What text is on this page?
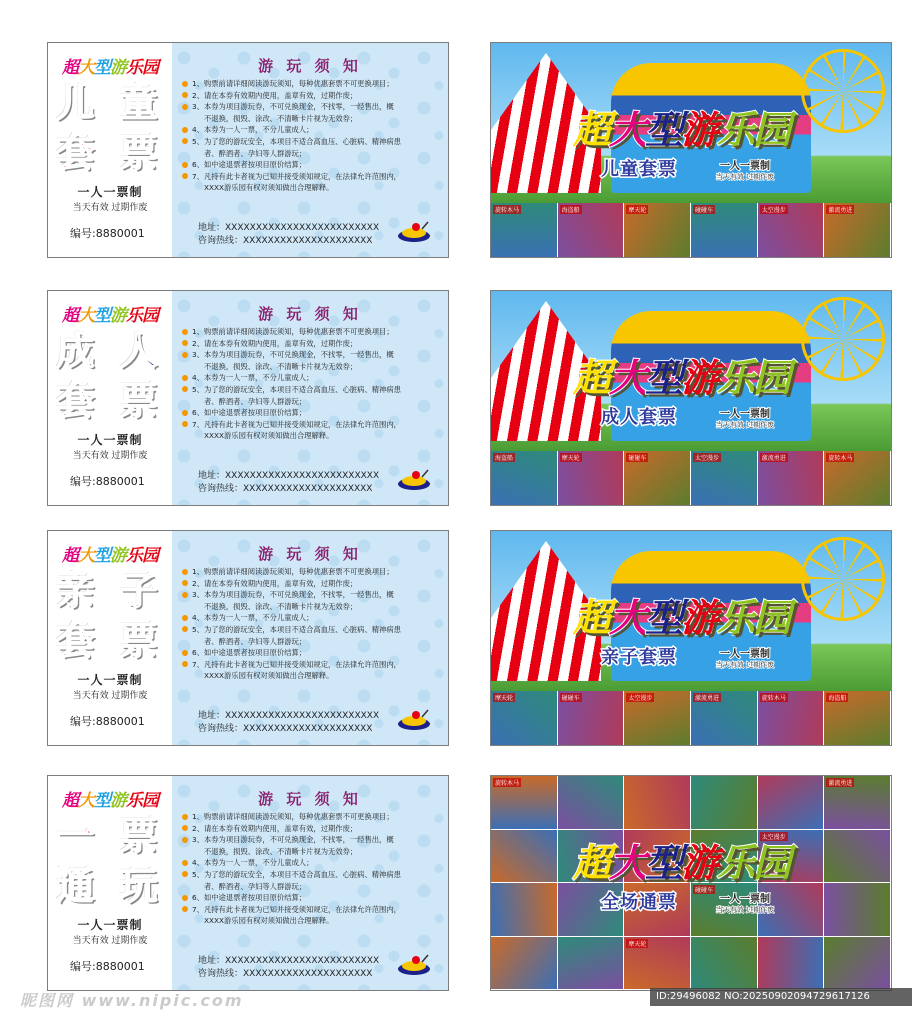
超大型游乐园
儿 童
套 票
一人一票制
当天有效 过期作废
编号:8880001
游 玩 须 知
1、购票前请详细阅读游玩须知，每种优惠套票不可更换项目；
2、请在本券有效期内使用，盖章有效，过期作废；
3、本券为项目游玩券，不可兑换现金，不找零，一经售出，概
不退换，损毁、涂改、不清晰卡片视为无效券；
4、本券为一人一票，不分儿童成人；
5、为了您的游玩安全，本项目不适合高血压、心脏病、精神病患
者、醉酒者、孕妇等人群游玩；
6、如中途退票者按项目原价结算；
7、凡持有此卡者视为已知并接受须知规定，在法律允许范围内，
XXXX游乐园有权对须知做出合理解释。
地址：XXXXXXXXXXXXXXXXXXXXXXXXX
咨询热线：XXXXXXXXXXXXXXXXXXXXX
旋转木马	海盗船	摩天轮	碰碰车	太空漫步	激流勇进
超大型游乐园
儿童套票	一人一票制
当天有效 过期作废
超大型游乐园
成 人
套 票
一人一票制
当天有效 过期作废
编号:8880001
游 玩 须 知
1、购票前请详细阅读游玩须知，每种优惠套票不可更换项目；
2、请在本券有效期内使用，盖章有效，过期作废；
3、本券为项目游玩券，不可兑换现金，不找零，一经售出，概
不退换，损毁、涂改、不清晰卡片视为无效券；
4、本券为一人一票，不分儿童成人；
5、为了您的游玩安全，本项目不适合高血压、心脏病、精神病患
者、醉酒者、孕妇等人群游玩；
6、如中途退票者按项目原价结算；
7、凡持有此卡者视为已知并接受须知规定，在法律允许范围内，
XXXX游乐园有权对须知做出合理解释。
地址：XXXXXXXXXXXXXXXXXXXXXXXXX
咨询热线：XXXXXXXXXXXXXXXXXXXXX
海盗船	摩天轮	碰碰车	太空漫步	激流勇进	旋转木马
超大型游乐园
成人套票	一人一票制
当天有效 过期作废
超大型游乐园
亲 子
套 票
一人一票制
当天有效 过期作废
编号:8880001
游 玩 须 知
1、购票前请详细阅读游玩须知，每种优惠套票不可更换项目；
2、请在本券有效期内使用，盖章有效，过期作废；
3、本券为项目游玩券，不可兑换现金，不找零，一经售出，概
不退换，损毁、涂改、不清晰卡片视为无效券；
4、本券为一人一票，不分儿童成人；
5、为了您的游玩安全，本项目不适合高血压、心脏病、精神病患
者、醉酒者、孕妇等人群游玩；
6、如中途退票者按项目原价结算；
7、凡持有此卡者视为已知并接受须知规定，在法律允许范围内，
XXXX游乐园有权对须知做出合理解释。
地址：XXXXXXXXXXXXXXXXXXXXXXXXX
咨询热线：XXXXXXXXXXXXXXXXXXXXX
摩天轮	碰碰车	太空漫步	激流勇进	旋转木马	海盗船
超大型游乐园
亲子套票	一人一票制
当天有效 过期作废
超大型游乐园
一 票
通 玩
一人一票制
当天有效 过期作废
编号:8880001
游 玩 须 知
1、购票前请详细阅读游玩须知，每种优惠套票不可更换项目；
2、请在本券有效期内使用，盖章有效，过期作废；
3、本券为项目游玩券，不可兑换现金，不找零，一经售出，概
不退换，损毁、涂改、不清晰卡片视为无效券；
4、本券为一人一票，不分儿童成人；
5、为了您的游玩安全，本项目不适合高血压、心脏病、精神病患
者、醉酒者、孕妇等人群游玩；
6、如中途退票者按项目原价结算；
7、凡持有此卡者视为已知并接受须知规定，在法律允许范围内，
XXXX游乐园有权对须知做出合理解释。
地址：XXXXXXXXXXXXXXXXXXXXXXXXX
咨询热线：XXXXXXXXXXXXXXXXXXXXX
旋转木马	激流勇进
太空漫步
碰碰车
摩天轮
超大型游乐园
全场通票	一人一票制
当天有效 过期作废
昵图网 www.nipic.com	ID:29496082 NO:20250902094729617126
